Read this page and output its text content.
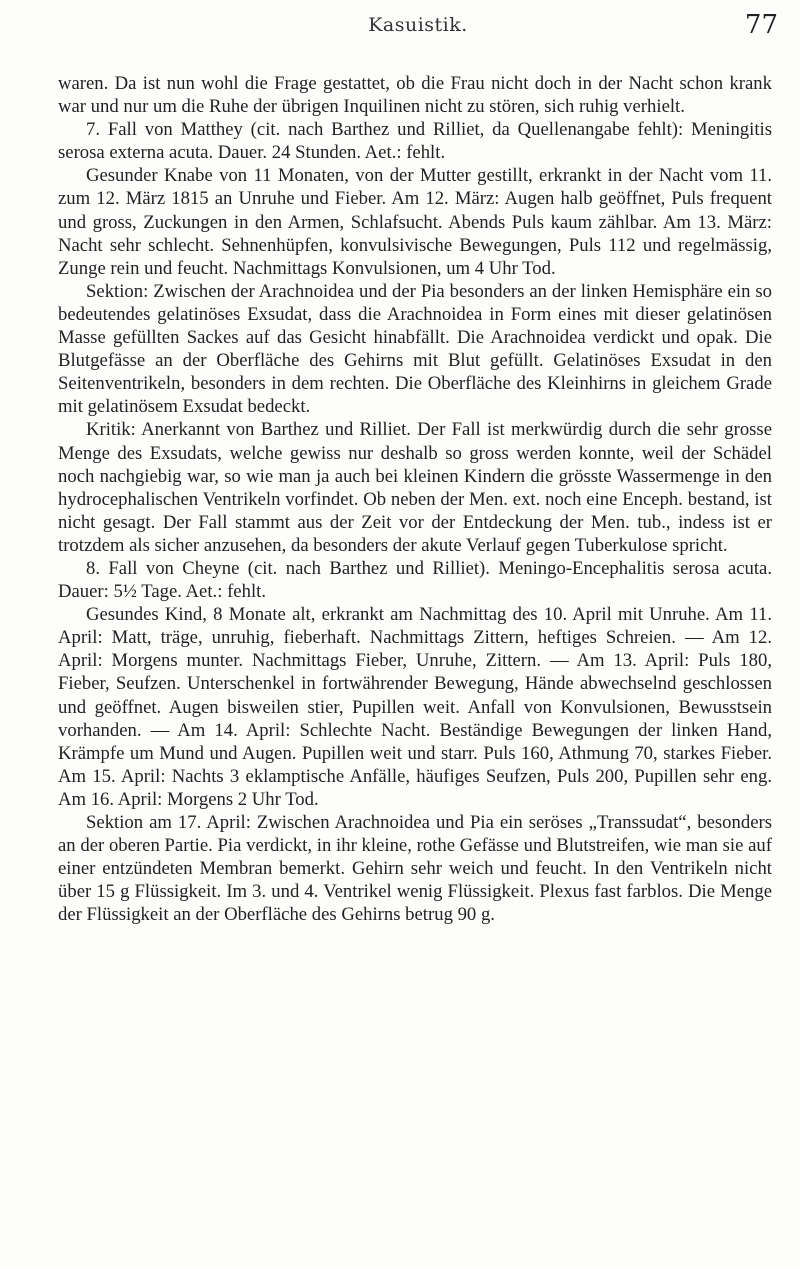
Kasuistik.	77

waren. Da ist nun wohl die Frage gestattet, ob die Frau nicht doch in der Nacht schon krank war und nur um die Ruhe der übrigen Inquilinen nicht zu stören, sich ruhig verhielt.

7. Fall von Matthey (cit. nach Barthez und Rilliet, da Quellenangabe fehlt): Meningitis serosa externa acuta. Dauer. 24 Stunden. Aet.: fehlt.

Gesunder Knabe von 11 Monaten, von der Mutter gestillt, erkrankt in der Nacht vom 11. zum 12. März 1815 an Unruhe und Fieber. Am 12. März: Augen halb geöffnet, Puls frequent und gross, Zuckungen in den Armen, Schlafsucht. Abends Puls kaum zählbar. Am 13. März: Nacht sehr schlecht. Sehnenhüpfen, konvulsivische Bewegungen, Puls 112 und regelmässig, Zunge rein und feucht. Nachmittags Konvulsionen, um 4 Uhr Tod.

Sektion: Zwischen der Arachnoidea und der Pia besonders an der linken Hemisphäre ein so bedeutendes gelatinöses Exsudat, dass die Arachnoidea in Form eines mit dieser gelatinösen Masse gefüllten Sackes auf das Gesicht hinabfällt. Die Arachnoidea verdickt und opak. Die Blutgefässe an der Oberfläche des Gehirns mit Blut gefüllt. Gelatinöses Exsudat in den Seitenventrikeln, besonders in dem rechten. Die Oberfläche des Kleinhirns in gleichem Grade mit gelatinösem Exsudat bedeckt.

Kritik: Anerkannt von Barthez und Rilliet. Der Fall ist merkwürdig durch die sehr grosse Menge des Exsudats, welche gewiss nur deshalb so gross werden konnte, weil der Schädel noch nachgiebig war, so wie man ja auch bei kleinen Kindern die grösste Wassermenge in den hydrocephalischen Ventrikeln vorfindet. Ob neben der Men. ext. noch eine Enceph. bestand, ist nicht gesagt. Der Fall stammt aus der Zeit vor der Entdeckung der Men. tub., indess ist er trotzdem als sicher anzusehen, da besonders der akute Verlauf gegen Tuberkulose spricht.

8. Fall von Cheyne (cit. nach Barthez und Rilliet). Meningo-Encephalitis serosa acuta. Dauer: 5½ Tage. Aet.: fehlt.

Gesundes Kind, 8 Monate alt, erkrankt am Nachmittag des 10. April mit Unruhe. Am 11. April: Matt, träge, unruhig, fieberhaft. Nachmittags Zittern, heftiges Schreien. — Am 12. April: Morgens munter. Nachmittags Fieber, Unruhe, Zittern. — Am 13. April: Puls 180, Fieber, Seufzen. Unterschenkel in fortwährender Bewegung, Hände abwechselnd geschlossen und geöffnet. Augen bisweilen stier, Pupillen weit. Anfall von Konvulsionen, Bewusstsein vorhanden. — Am 14. April: Schlechte Nacht. Beständige Bewegungen der linken Hand, Krämpfe um Mund und Augen. Pupillen weit und starr. Puls 160, Athmung 70, starkes Fieber. Am 15. April: Nachts 3 eklamptische Anfälle, häufiges Seufzen, Puls 200, Pupillen sehr eng. Am 16. April: Morgens 2 Uhr Tod.

Sektion am 17. April: Zwischen Arachnoidea und Pia ein seröses „Transsudat“, besonders an der oberen Partie. Pia verdickt, in ihr kleine, rothe Gefässe und Blutstreifen, wie man sie auf einer entzündeten Membran bemerkt. Gehirn sehr weich und feucht. In den Ventrikeln nicht über 15 g Flüssigkeit. Im 3. und 4. Ventrikel wenig Flüssigkeit. Plexus fast farblos. Die Menge der Flüssigkeit an der Oberfläche des Gehirns betrug 90 g.
